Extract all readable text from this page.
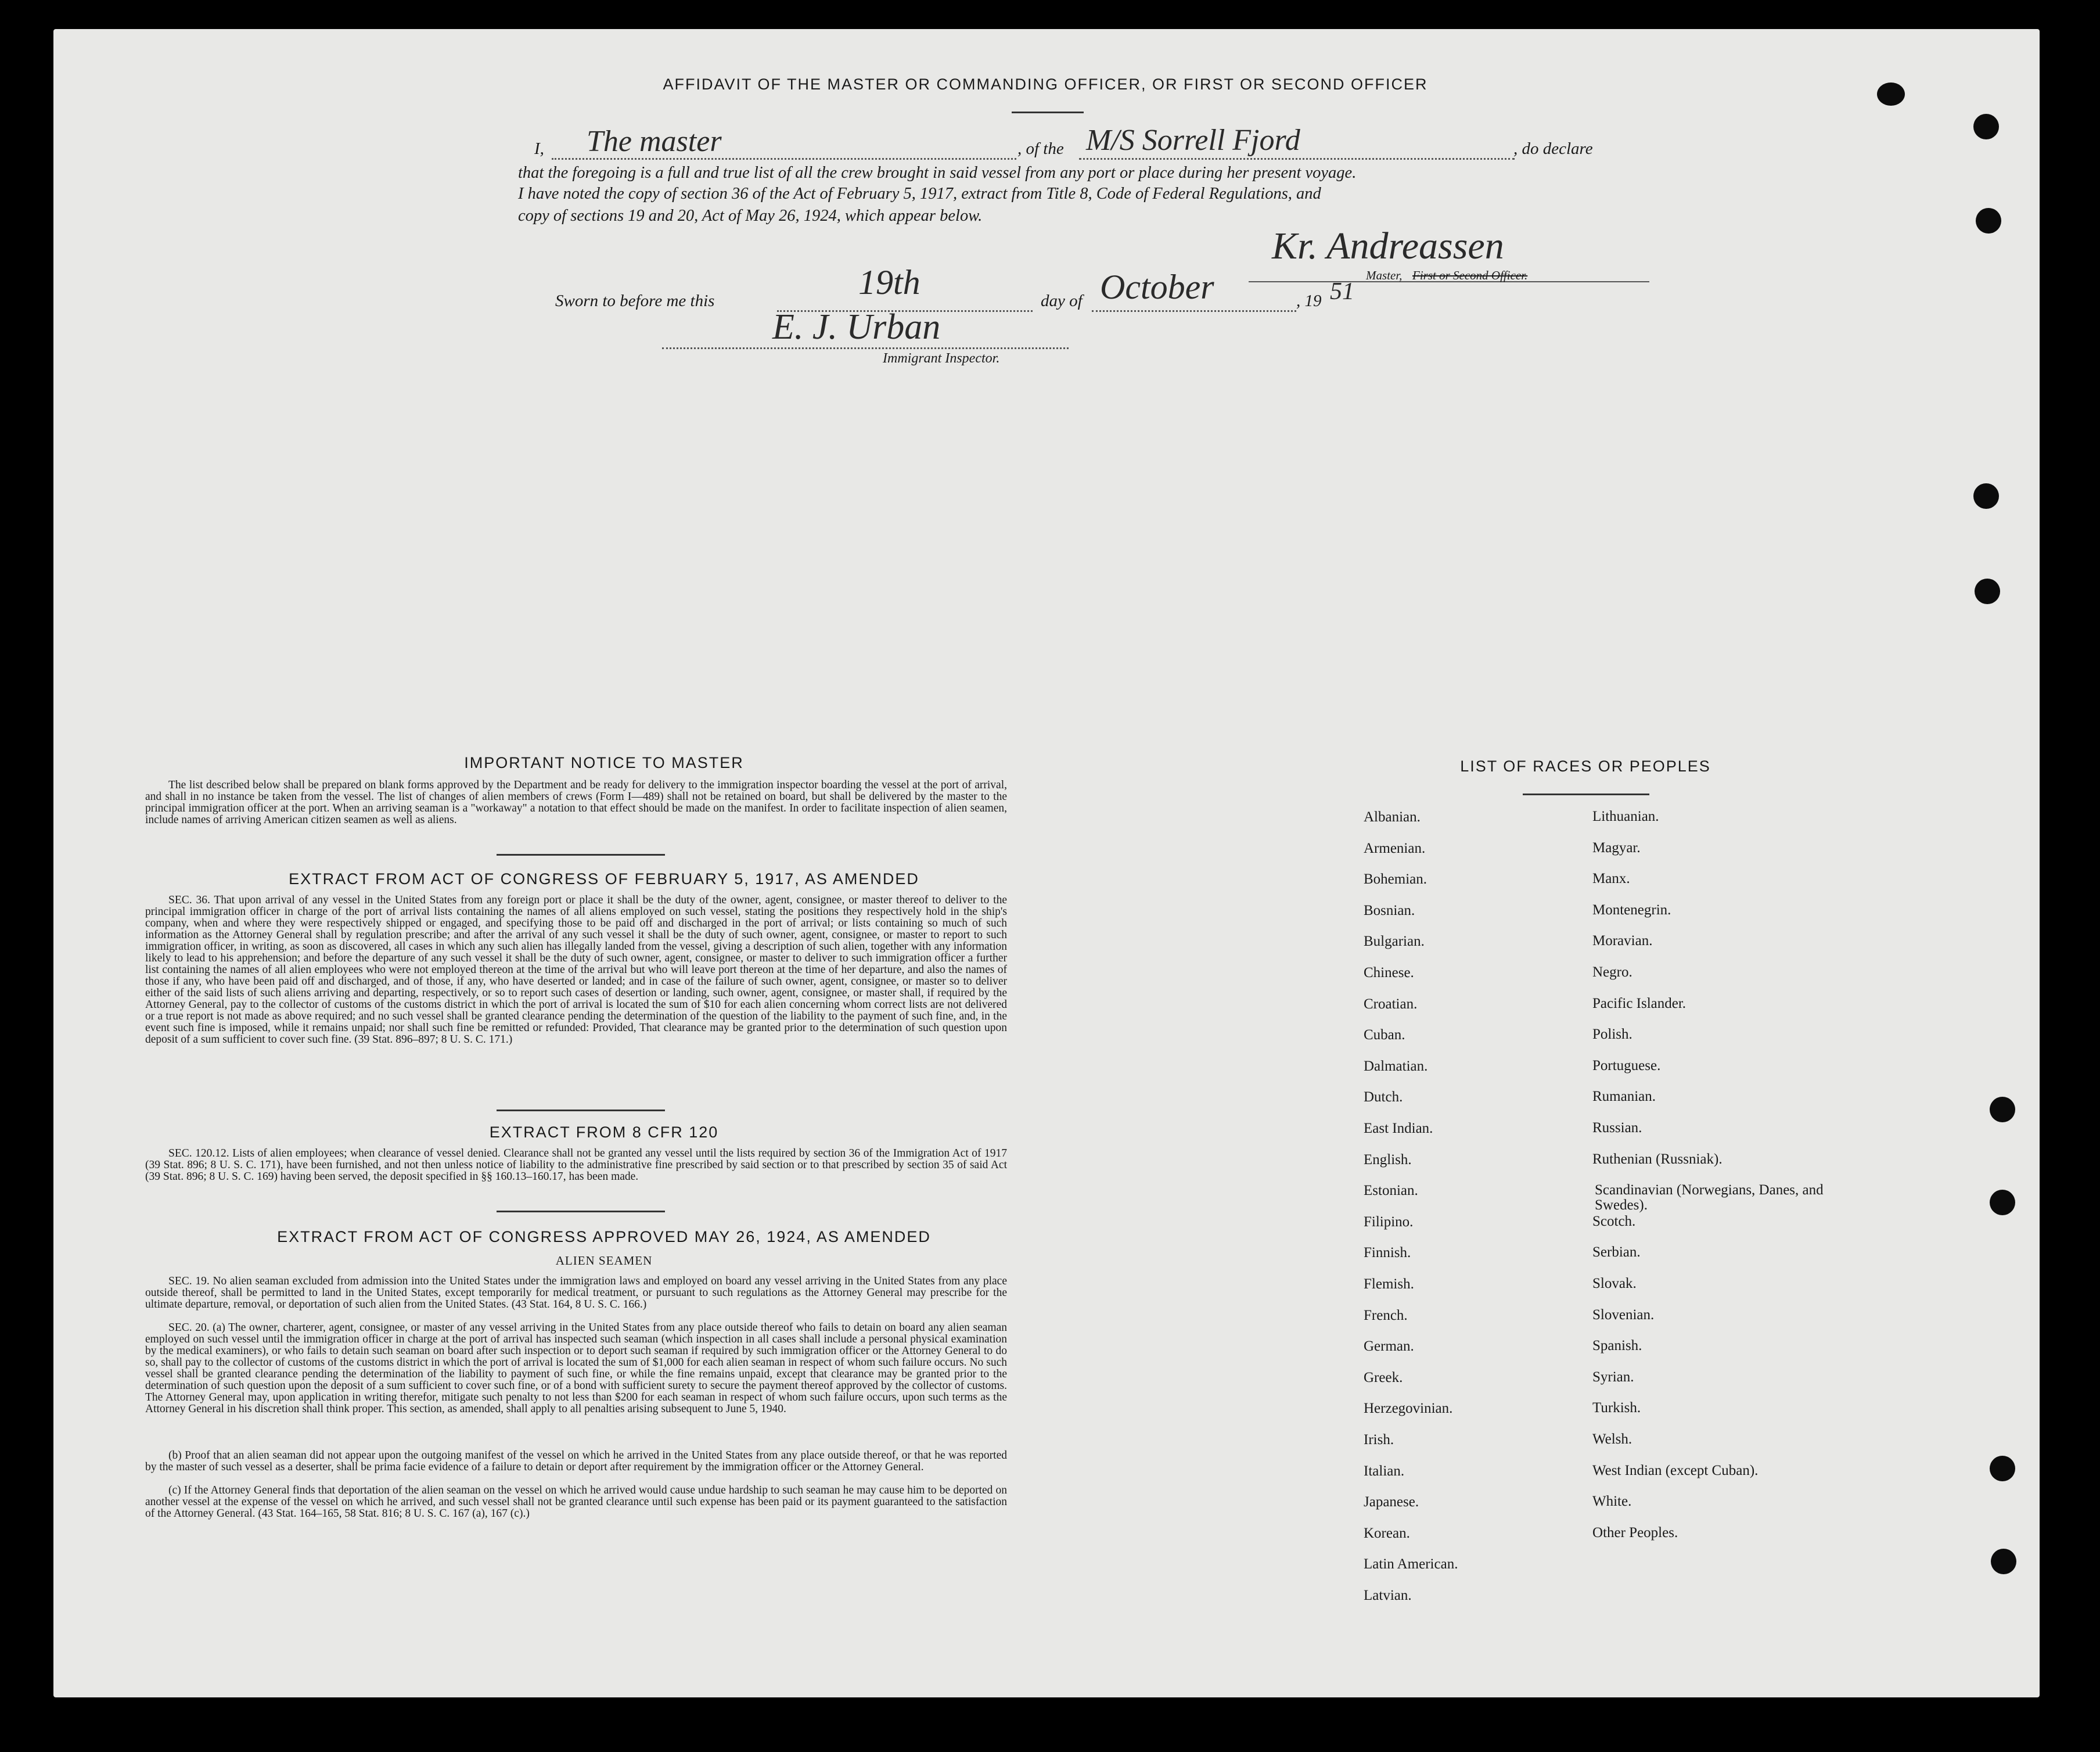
AFFIDAVIT OF THE MASTER OR COMMANDING OFFICER, OR FIRST OR SECOND OFFICER
I, The master	, of the M/S Sorrell Fjord	, do declare
that the foregoing is a full and true list of all the crew brought in said vessel from any port or place during her present voyage.
I have noted the copy of section 36 of the Act of February 5, 1917, extract from Title 8, Code of Federal Regulations, and
copy of sections 19 and 20, Act of May 26, 1924, which appear below.
Kr. Andreassen
Master, First or Second Officer.
Sworn to before me this	19th	day of October	, 19 51
E. J. Urban
Immigrant Inspector.
IMPORTANT NOTICE TO MASTER

The list described below shall be prepared on blank forms approved by the Department and be ready for delivery to the immigration inspector boarding the vessel at the port of arrival, and shall in no instance be taken from the vessel. The list of changes of alien members of crews (Form I—489) shall not be retained on board, but shall be delivered by the master to the principal immigration officer at the port. When an arriving seaman is a "workaway" a notation to that effect should be made on the manifest. In order to facilitate inspection of alien seamen, include names of arriving American citizen seamen as well as aliens.

EXTRACT FROM ACT OF CONGRESS OF FEBRUARY 5, 1917, AS AMENDED

SEC. 36. That upon arrival of any vessel in the United States from any foreign port or place it shall be the duty of the owner, agent, consignee, or master thereof to deliver to the principal immigration officer in charge of the port of arrival lists containing the names of all aliens employed on such vessel, stating the positions they respectively hold in the ship's company, when and where they were respectively shipped or engaged, and specifying those to be paid off and discharged in the port of arrival; or lists containing so much of such information as the Attorney General shall by regulation prescribe; and after the arrival of any such vessel it shall be the duty of such owner, agent, consignee, or master to report to such immigration officer, in writing, as soon as discovered, all cases in which any such alien has illegally landed from the vessel, giving a description of such alien, together with any information likely to lead to his apprehension; and before the departure of any such vessel it shall be the duty of such owner, agent, consignee, or master to deliver to such immigration officer a further list containing the names of all alien employees who were not employed thereon at the time of the arrival but who will leave port thereon at the time of her departure, and also the names of those if any, who have been paid off and discharged, and of those, if any, who have deserted or landed; and in case of the failure of such owner, agent, consignee, or master so to deliver either of the said lists of such aliens arriving and departing, respectively, or so to report such cases of desertion or landing, such owner, agent, consignee, or master shall, if required by the Attorney General, pay to the collector of customs of the customs district in which the port of arrival is located the sum of $10 for each alien concerning whom correct lists are not delivered or a true report is not made as above required; and no such vessel shall be granted clearance pending the determination of the question of the liability to the payment of such fine, and, in the event such fine is imposed, while it remains unpaid; nor shall such fine be remitted or refunded: Provided, That clearance may be granted prior to the determination of such question upon deposit of a sum sufficient to cover such fine. (39 Stat. 896–897; 8 U. S. C. 171.)

EXTRACT FROM 8 CFR 120

SEC. 120.12. Lists of alien employees; when clearance of vessel denied. Clearance shall not be granted any vessel until the lists required by section 36 of the Immigration Act of 1917 (39 Stat. 896; 8 U. S. C. 171), have been furnished, and not then unless notice of liability to the administrative fine prescribed by said section or to that prescribed by section 35 of said Act (39 Stat. 896; 8 U. S. C. 169) having been served, the deposit specified in §§ 160.13–160.17, has been made.

EXTRACT FROM ACT OF CONGRESS APPROVED MAY 26, 1924, AS AMENDED
ALIEN SEAMEN

SEC. 19. No alien seaman excluded from admission into the United States under the immigration laws and employed on board any vessel arriving in the United States from any place outside thereof, shall be permitted to land in the United States, except temporarily for medical treatment, or pursuant to such regulations as the Attorney General may prescribe for the ultimate departure, removal, or deportation of such alien from the United States. (43 Stat. 164, 8 U. S. C. 166.)

SEC. 20. (a) The owner, charterer, agent, consignee, or master of any vessel arriving in the United States from any place outside thereof who fails to detain on board any alien seaman employed on such vessel until the immigration officer in charge at the port of arrival has inspected such seaman (which inspection in all cases shall include a personal physical examination by the medical examiners), or who fails to detain such seaman on board after such inspection or to deport such seaman if required by such immigration officer or the Attorney General to do so, shall pay to the collector of customs of the customs district in which the port of arrival is located the sum of $1,000 for each alien seaman in respect of whom such failure occurs. No such vessel shall be granted clearance pending the determination of the liability to payment of such fine, or while the fine remains unpaid, except that clearance may be granted prior to the determination of such question upon the deposit of a sum sufficient to cover such fine, or of a bond with sufficient surety to secure the payment thereof approved by the collector of customs. The Attorney General may, upon application in writing therefor, mitigate such penalty to not less than $200 for each seaman in respect of whom such failure occurs, upon such terms as the Attorney General in his discretion shall think proper. This section, as amended, shall apply to all penalties arising subsequent to June 5, 1940.

(b) Proof that an alien seaman did not appear upon the outgoing manifest of the vessel on which he arrived in the United States from any place outside thereof, or that he was reported by the master of such vessel as a deserter, shall be prima facie evidence of a failure to detain or deport after requirement by the immigration officer or the Attorney General.

(c) If the Attorney General finds that deportation of the alien seaman on the vessel on which he arrived would cause undue hardship to such seaman he may cause him to be deported on another vessel at the expense of the vessel on which he arrived, and such vessel shall not be granted clearance until such expense has been paid or its payment guaranteed to the satisfaction of the Attorney General. (43 Stat. 164–165, 58 Stat. 816; 8 U. S. C. 167 (a), 167 (c).)

LIST OF RACES OR PEOPLES
Albanian.
Armenian.
Bohemian.
Bosnian.
Bulgarian.
Chinese.
Croatian.
Cuban.
Dalmatian.
Dutch.
East Indian.
English.
Estonian.
Filipino.
Finnish.
Flemish.
French.
German.
Greek.
Herzegovinian.
Irish.
Italian.
Japanese.
Korean.
Latin American.
Latvian.
Lithuanian.
Magyar.
Manx.
Montenegrin.
Moravian.
Negro.
Pacific Islander.
Polish.
Portuguese.
Rumanian.
Russian.
Ruthenian (Russniak).
Scandinavian (Norwegians, Danes, and Swedes).
Scotch.
Serbian.
Slovak.
Slovenian.
Spanish.
Syrian.
Turkish.
Welsh.
West Indian (except Cuban).
White.
Other Peoples.
